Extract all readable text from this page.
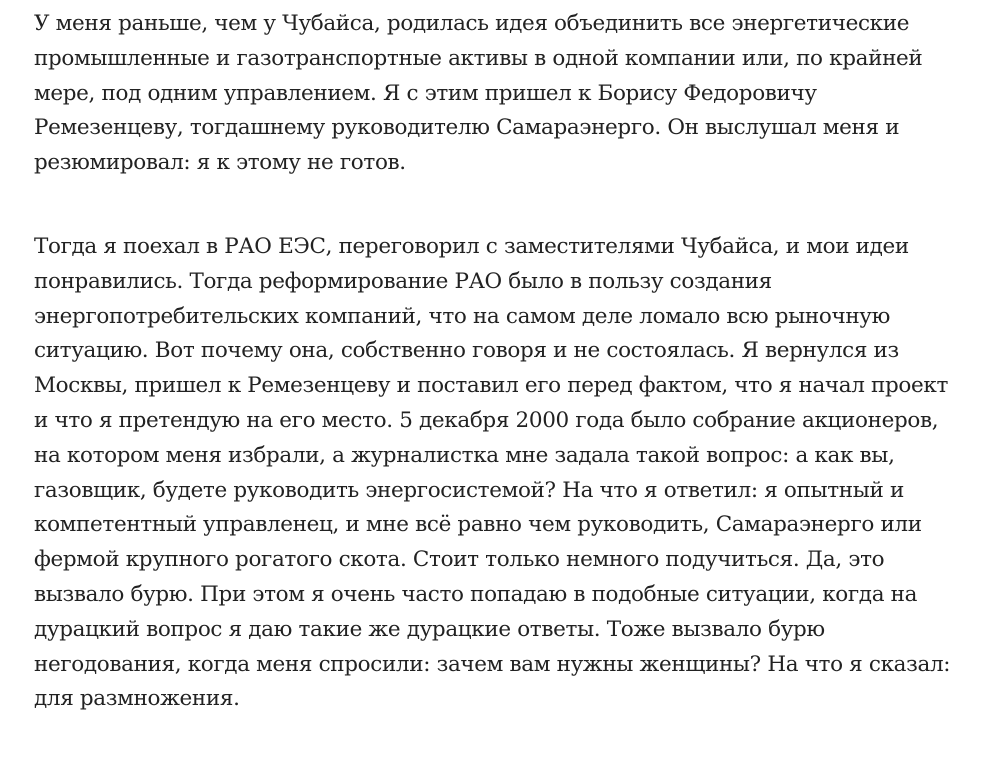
У меня раньше, чем у Чубайса, родилась идея объединить все энергетические
промышленные и газотранспортные активы в одной компании или, по крайней
мере, под одним управлением. Я с этим пришел к Борису Федоровичу
Ремезенцеву, тогдашнему руководителю Самараэнерго. Он выслушал меня и
резюмировал: я к этому не готов.

Тогда я поехал в РАО ЕЭС, переговорил с заместителями Чубайса, и мои идеи
понравились. Тогда реформирование РАО было в пользу создания
энергопотребительских компаний, что на самом деле ломало всю рыночную
ситуацию. Вот почему она, собственно говоря и не состоялась. Я вернулся из
Москвы, пришел к Ремезенцеву и поставил его перед фактом, что я начал проект
и что я претендую на его место. 5 декабря 2000 года было собрание акционеров,
на котором меня избрали, а журналистка мне задала такой вопрос: а как вы,
газовщик, будете руководить энергосистемой? На что я ответил: я опытный и
компетентный управленец, и мне всё равно чем руководить, Самараэнерго или
фермой крупного рогатого скота. Стоит только немного подучиться. Да, это
вызвало бурю. При этом я очень часто попадаю в подобные ситуации, когда на
дурацкий вопрос я даю такие же дурацкие ответы. Тоже вызвало бурю
негодования, когда меня спросили: зачем вам нужны женщины? На что я сказал:
для размножения.
